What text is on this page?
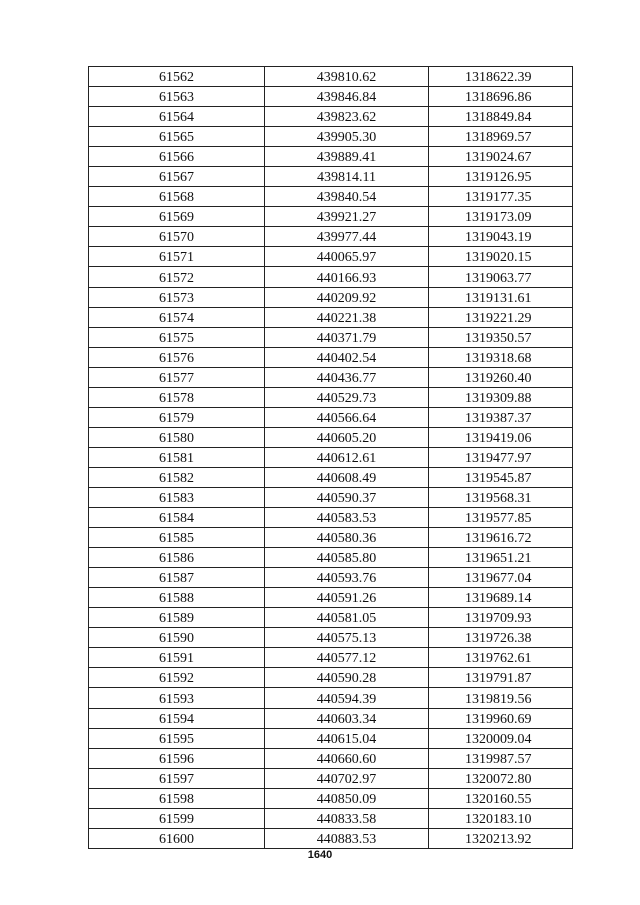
61562	439810.62	1318622.39
61563	439846.84	1318696.86
61564	439823.62	1318849.84
61565	439905.30	1318969.57
61566	439889.41	1319024.67
61567	439814.11	1319126.95
61568	439840.54	1319177.35
61569	439921.27	1319173.09
61570	439977.44	1319043.19
61571	440065.97	1319020.15
61572	440166.93	1319063.77
61573	440209.92	1319131.61
61574	440221.38	1319221.29
61575	440371.79	1319350.57
61576	440402.54	1319318.68
61577	440436.77	1319260.40
61578	440529.73	1319309.88
61579	440566.64	1319387.37
61580	440605.20	1319419.06
61581	440612.61	1319477.97
61582	440608.49	1319545.87
61583	440590.37	1319568.31
61584	440583.53	1319577.85
61585	440580.36	1319616.72
61586	440585.80	1319651.21
61587	440593.76	1319677.04
61588	440591.26	1319689.14
61589	440581.05	1319709.93
61590	440575.13	1319726.38
61591	440577.12	1319762.61
61592	440590.28	1319791.87
61593	440594.39	1319819.56
61594	440603.34	1319960.69
61595	440615.04	1320009.04
61596	440660.60	1319987.57
61597	440702.97	1320072.80
61598	440850.09	1320160.55
61599	440833.58	1320183.10
61600	440883.53	1320213.92
1640
